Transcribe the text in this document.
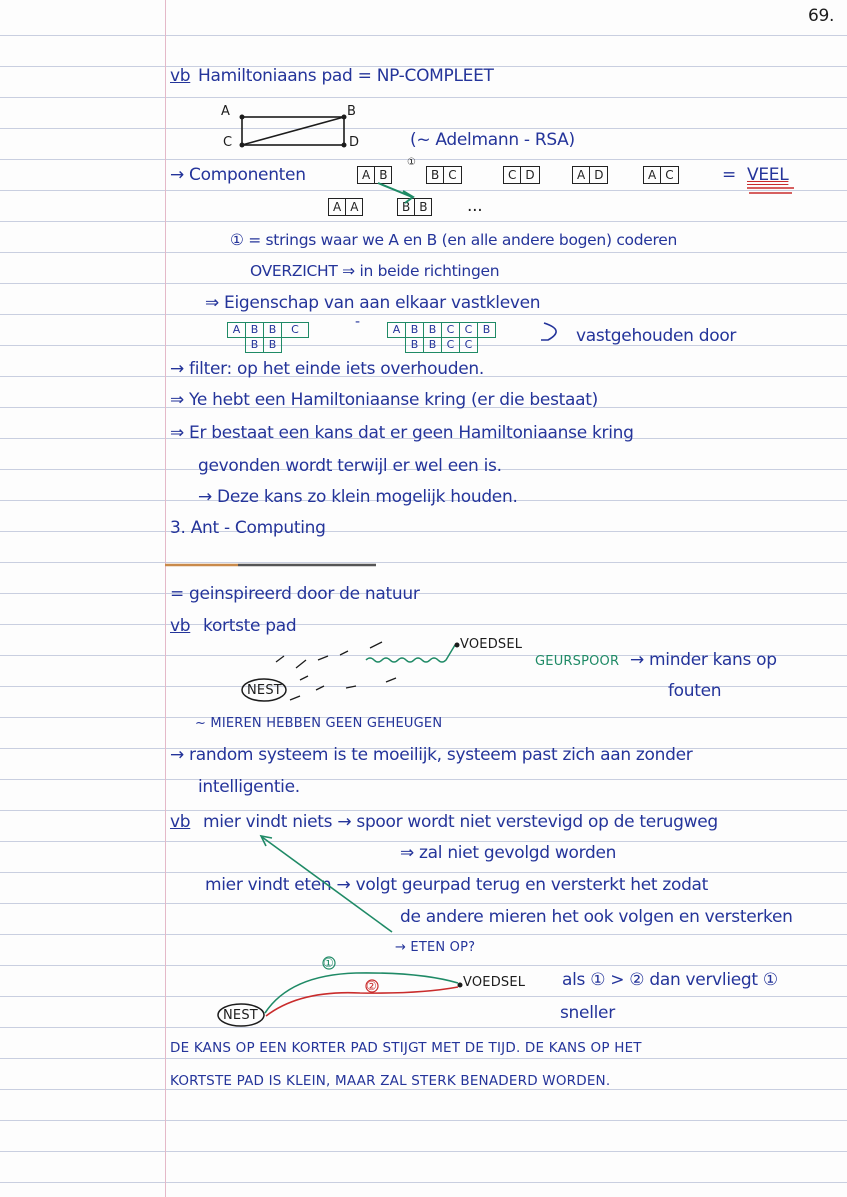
69.
vb Hamiltoniaans pad = NP-COMPLEET
A	B
C	D	(~ Adelmann - RSA)
→ Componenten	A B
①
B C	C D	A D	A C	= VEEL
A A	B B ...
① = strings waar we A en B (en alle andere bogen) coderen
OVERZICHT ⇒ in beide richtingen
⇒ Eigenschap van aan elkaar vastkleven
A B B	C
B B
-	A B B C C B
B B C C	vastgehouden door
→ filter: op het einde iets overhouden.
⇒ Ye hebt een Hamiltoniaanse kring (er die bestaat)
⇒ Er bestaat een kans dat er geen Hamiltoniaanse kring
gevonden wordt terwijl er wel een is.
→ Deze kans zo klein mogelijk houden.
3. Ant - Computing
= geinspireerd door de natuur
vb kortste pad
VOEDSEL
GEURSPOOR → minder kans op
fouten
NEST
~ MIEREN HEBBEN GEEN GEHEUGEN
→ random systeem is te moeilijk, systeem past zich aan zonder
intelligentie.
vb mier vindt niets → spoor wordt niet verstevigd op de terugweg
⇒ zal niet gevolgd worden
mier vindt eten → volgt geurpad terug en versterkt het zodat
de andere mieren het ook volgen en versterken
→ ETEN OP?
①
②	VOEDSEL als ① > ② dan vervliegt ①
sneller
NEST
DE KANS OP EEN KORTER PAD STIJGT MET DE TIJD. DE KANS OP HET
KORTSTE PAD IS KLEIN, MAAR ZAL STERK BENADERD WORDEN.
